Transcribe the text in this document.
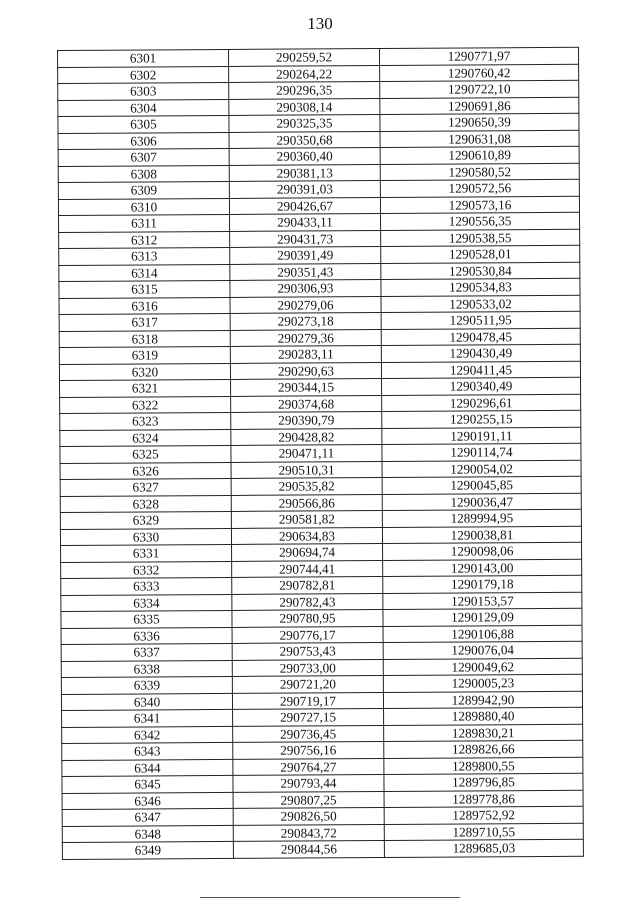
130
6301	290259,52	1290771,97
6302	290264,22	1290760,42
6303	290296,35	1290722,10
6304	290308,14	1290691,86
6305	290325,35	1290650,39
6306	290350,68	1290631,08
6307	290360,40	1290610,89
6308	290381,13	1290580,52
6309	290391,03	1290572,56
6310	290426,67	1290573,16
6311	290433,11	1290556,35
6312	290431,73	1290538,55
6313	290391,49	1290528,01
6314	290351,43	1290530,84
6315	290306,93	1290534,83
6316	290279,06	1290533,02
6317	290273,18	1290511,95
6318	290279,36	1290478,45
6319	290283,11	1290430,49
6320	290290,63	1290411,45
6321	290344,15	1290340,49
6322	290374,68	1290296,61
6323	290390,79	1290255,15
6324	290428,82	1290191,11
6325	290471,11	1290114,74
6326	290510,31	1290054,02
6327	290535,82	1290045,85
6328	290566,86	1290036,47
6329	290581,82	1289994,95
6330	290634,83	1290038,81
6331	290694,74	1290098,06
6332	290744,41	1290143,00
6333	290782,81	1290179,18
6334	290782,43	1290153,57
6335	290780,95	1290129,09
6336	290776,17	1290106,88
6337	290753,43	1290076,04
6338	290733,00	1290049,62
6339	290721,20	1290005,23
6340	290719,17	1289942,90
6341	290727,15	1289880,40
6342	290736,45	1289830,21
6343	290756,16	1289826,66
6344	290764,27	1289800,55
6345	290793,44	1289796,85
6346	290807,25	1289778,86
6347	290826,50	1289752,92
6348	290843,72	1289710,55
6349	290844,56	1289685,03
